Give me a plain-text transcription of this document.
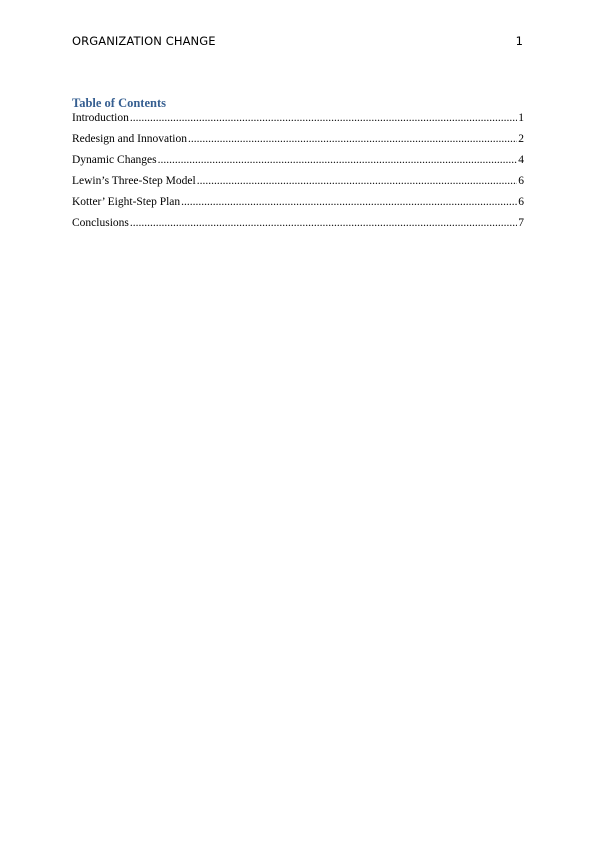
ORGANIZATION CHANGE	1
Table of Contents
Introduction .....	1
Redesign and Innovation .....	2
Dynamic Changes .....	4
Lewin’s Three-Step Model .....	6
Kotter’ Eight-Step Plan .....	6
Conclusions .....	7
